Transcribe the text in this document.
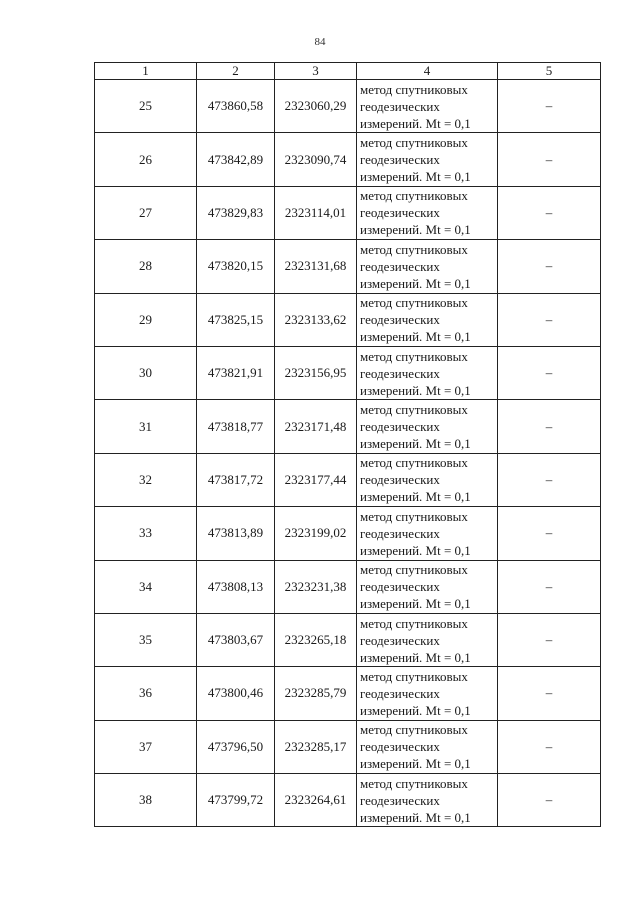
84
1	2	3	4	5
25	473860,58	2323060,29	метод спутниковых
геодезических
измерений. Mt = 0,1	–
26	473842,89	2323090,74	метод спутниковых
геодезических
измерений. Mt = 0,1	–
27	473829,83	2323114,01	метод спутниковых
геодезических
измерений. Mt = 0,1	–
28	473820,15	2323131,68	метод спутниковых
геодезических
измерений. Mt = 0,1	–
29	473825,15	2323133,62	метод спутниковых
геодезических
измерений. Mt = 0,1	–
30	473821,91	2323156,95	метод спутниковых
геодезических
измерений. Mt = 0,1	–
31	473818,77	2323171,48	метод спутниковых
геодезических
измерений. Mt = 0,1	–
32	473817,72	2323177,44	метод спутниковых
геодезических
измерений. Mt = 0,1	–
33	473813,89	2323199,02	метод спутниковых
геодезических
измерений. Mt = 0,1	–
34	473808,13	2323231,38	метод спутниковых
геодезических
измерений. Mt = 0,1	–
35	473803,67	2323265,18	метод спутниковых
геодезических
измерений. Mt = 0,1	–
36	473800,46	2323285,79	метод спутниковых
геодезических
измерений. Mt = 0,1	–
37	473796,50	2323285,17	метод спутниковых
геодезических
измерений. Mt = 0,1	–
38	473799,72	2323264,61	метод спутниковых
геодезических
измерений. Mt = 0,1	–
